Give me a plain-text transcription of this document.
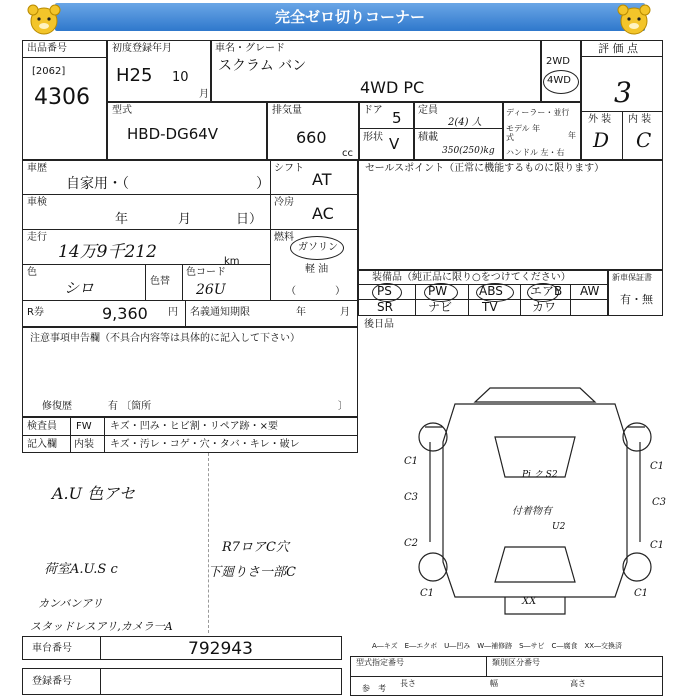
完全ゼロ切りコーナー
出品番号
[2062]
4306
初度登録年月
H25 10
月
車名・グレード
スクラム バン
4WD PC
2WD
4WD
評 価 点
3
外 装 内 装
D C
型式
HBD-DG64V
排気量
660
cc
ドア 5
形状 V
定員
2(4) 人
積載
350(250)kg
ディーラー・並行
モデル 年式	年
ハンドル 左・右
車歴
自家用・（	）
シフト
AT
車検
年	月	日）
冷房
AC
走行
14万9千212	km
燃料
ガソリン
軽 油
（ ）
色
シロ	色替
色コード
26U
R券	9,360 円 名義通知期限	年	月
セールスポイント（正常に機能するものに限ります）
装備品（純正品に限り○をつけてください）
PS	PW	ABS エアB AW
SR	ナビ TV	カワ
新車保証書
有・無
後日品
注意事項申告欄（不具合内容等は具体的に記入して下さい）
修復歴	有 〔箇所	〕
検査員
記入欄
FW キズ・凹み・ヒビ割・リペア跡・×要
内装 キズ・汚レ・コゲ・穴・タバ・キレ・破レ
A.U 色アセ
荷室A.U.S c
カンバンアリ
スタッドレスアリ,カメラ一A
R7ロアC穴
下廻りさ一部C
Pi ク S2
付着物有
U2
C1	C1
C3	C3
C2	C1
C1	C1
XX
A―キズ　E―エクボ　U―凹み　W―補修跡　S―サビ　C―腐食　XX―交換済
車台番号	792943
登録番号
型式指定番号	類別区分番号
参　考
長さ	幅	高さ
